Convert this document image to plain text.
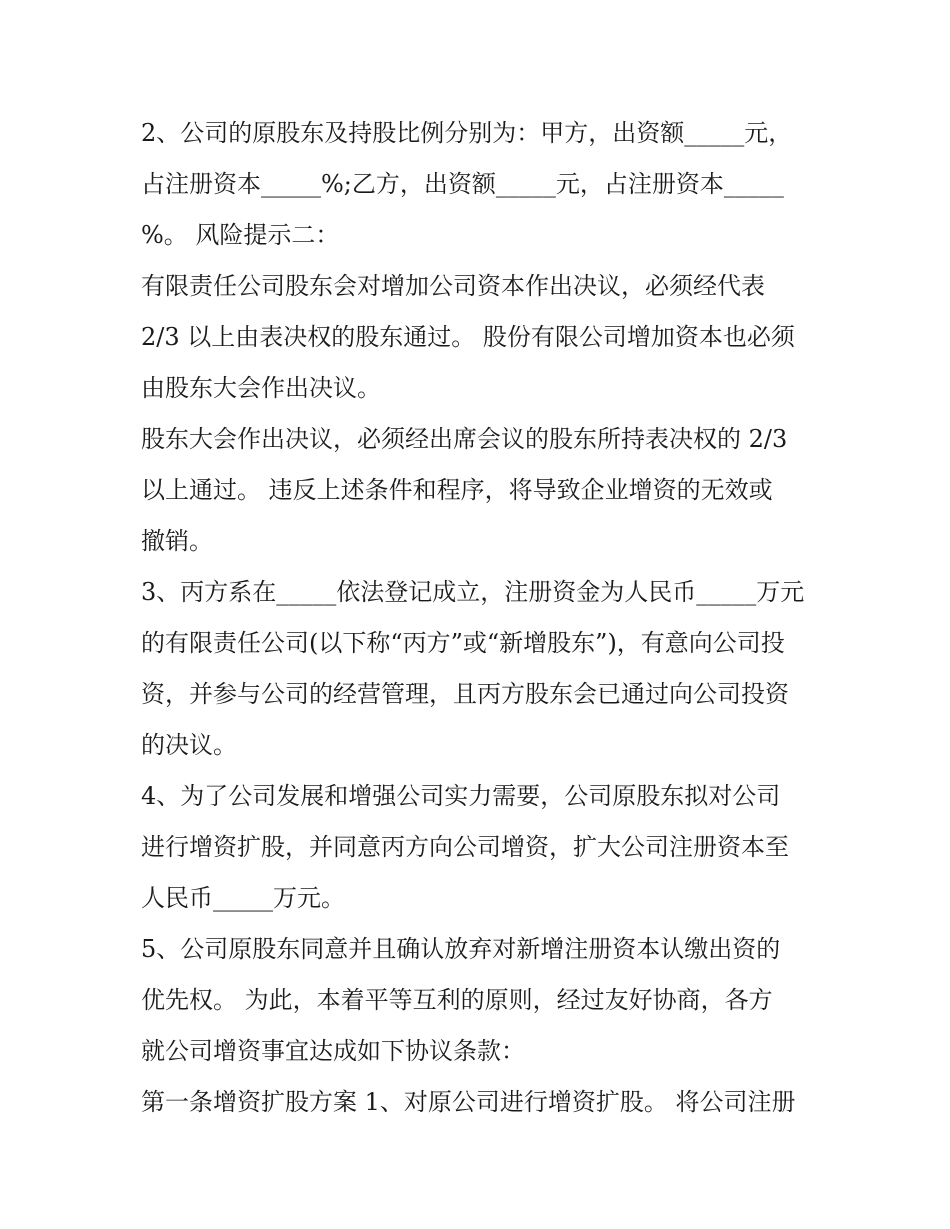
2、公司的原股东及持股比例分别为：甲方，出资额_____元，
占注册资本_____%;乙方，出资额_____元，占注册资本_____
%。 风险提示二：
有限责任公司股东会对增加公司资本作出决议，必须经代表
2/3 以上由表决权的股东通过。 股份有限公司增加资本也必须
由股东大会作出决议。
股东大会作出决议，必须经出席会议的股东所持表决权的 2/3
以上通过。 违反上述条件和程序，将导致企业增资的无效或
撤销。
3、丙方系在_____依法登记成立，注册资金为人民币_____万元
的有限责任公司(以下称“丙方”或“新增股东”)，有意向公司投
资，并参与公司的经营管理，且丙方股东会已通过向公司投资
的决议。
4、为了公司发展和增强公司实力需要，公司原股东拟对公司
进行增资扩股，并同意丙方向公司增资，扩大公司注册资本至
人民币_____万元。
5、公司原股东同意并且确认放弃对新增注册资本认缴出资的
优先权。 为此，本着平等互利的原则，经过友好协商，各方
就公司增资事宜达成如下协议条款：
第一条增资扩股方案 1、对原公司进行增资扩股。 将公司注册
